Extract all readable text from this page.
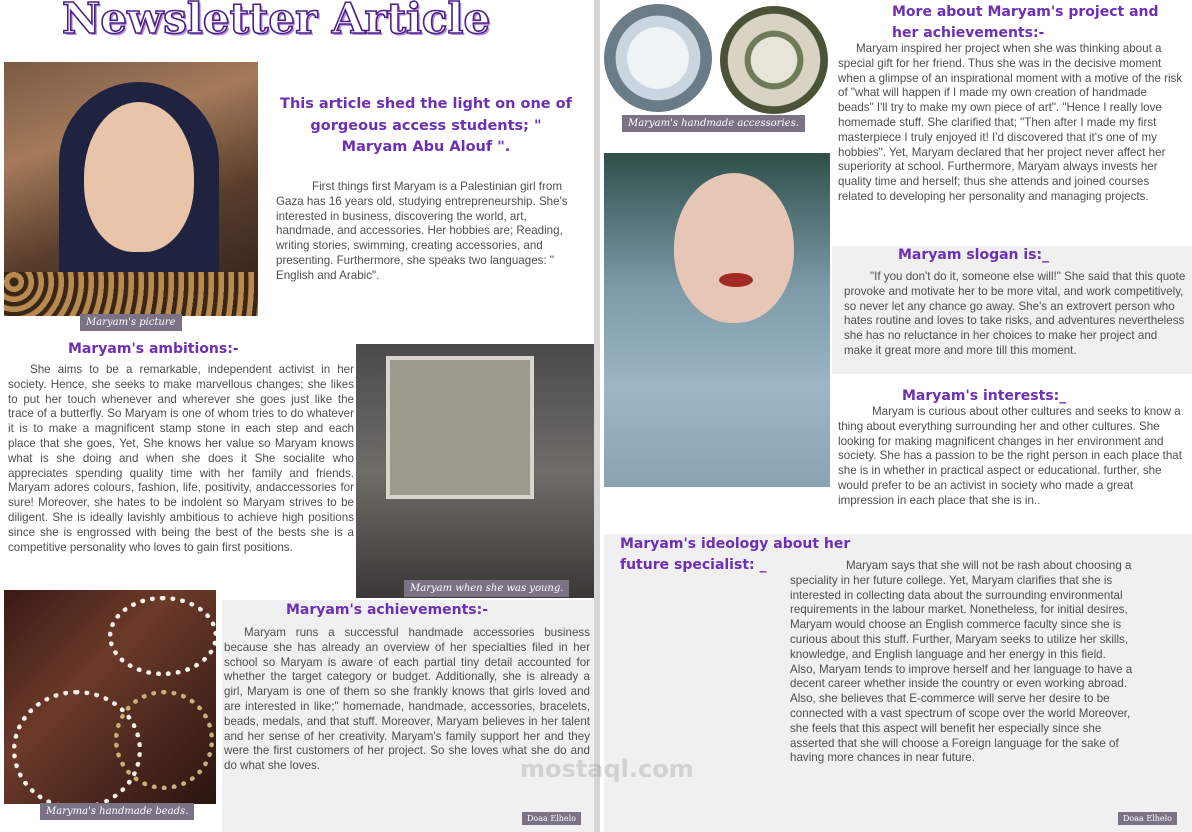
Newsletter Article
Maryam's picture
This article shed the light on one of gorgeous access students; " Maryam Abu Alouf ".
First things first Maryam is a Palestinian girl from Gaza has 16 years old, studying entrepreneurship. She's interested in business, discovering the world, art, handmade, and accessories. Her hobbies are; Reading, writing stories, swimming, creating accessories, and presenting. Furthermore, she speaks two languages: " English and Arabic".
Maryam's ambitions:-
She aims to be a remarkable, independent activist in her society. Hence, she seeks to make marvellous changes; she likes to put her touch whenever and wherever she goes just like the trace of a butterfly. So Maryam is one of whom tries to do whatever it is to make a magnificent stamp stone in each step and each place that she goes, Yet, She knows her value so Maryam knows what is she doing and when she does it She socialite who appreciates spending quality time with her family and friends. Maryam adores colours, fashion, life, positivity, andaccessories for sure! Moreover, she hates to be indolent so Maryam strives to be diligent. She is ideally lavishly ambitious to achieve high positions since she is engrossed with being the best of the bests she is a competitive personality who loves to gain first positions.
Maryam when she was young.
Maryma's handmade beads.
Maryam's achievements:-
Maryam runs a successful handmade accessories business because she has already an overview of her specialties filed in her school so Maryam is aware of each partial tiny detail accounted for whether the target category or budget. Additionally, she is already a girl, Maryam is one of them so she frankly knows that girls loved and are interested in like;" homemade, handmade, accessories, bracelets, beads, medals, and that stuff. Moreover, Maryam believes in her talent and her sense of her creativity. Maryam's family support her and they were the first customers of her project. So she loves what she do and do what she loves.
Doaa Elhelo
Maryam's handmade accessories.
More about Maryam's project and her achievements:-
Maryam inspired her project when she was thinking about a special gift for her friend. Thus she was in the decisive moment when a glimpse of an inspirational moment with a motive of the risk of "what will happen if I made my own creation of handmade beads" I'll try to make my own piece of art". "Hence I really love homemade stuff. She clarified that; "Then after I made my first masterpiece I truly enjoyed it! I'd discovered that it's one of my hobbies". Yet, Maryam declared that her project never affect her superiority at school. Furthermore, Maryam always invests her quality time and herself; thus she attends and joined courses related to developing her personality and managing projects.
Maryam slogan is:_
"If you don't do it, someone else will!" She said that this quote provoke and motivate her to be more vital, and work competitively, so never let any chance go away. She's an extrovert person who hates routine and loves to take risks, and adventures nevertheless she has no reluctance in her choices to make her project and make it great more and more till this moment.
Maryam's interests:_
Maryam is curious about other cultures and seeks to know a thing about everything surrounding her and other cultures. She looking for making magnificent changes in her environment and society. She has a passion to be the right person in each place that she is in whether in practical aspect or educational. further, she would prefer to be an activist in society who made a great impression in each place that she is in..
Maryam's ideology about her future specialist: _	Maryam says that she will not be rash about choosing a speciality in her future college. Yet, Maryam clarifies that she is interested in collecting data about the surrounding environmental requirements in the labour market. Nonetheless, for initial desires, Maryam would choose an English commerce faculty since she is curious about this stuff. Further, Maryam seeks to utilize her skills, knowledge, and English language and her energy in this field. Also, Maryam tends to improve herself and her language to have a decent career whether inside the country or even working abroad. Also, she believes that E-commerce will serve her desire to be connected with a vast spectrum of scope over the world Moreover, she feels that this aspect will benefit her especially since she asserted that she will choose a Foreign language for the sake of having more chances in near future.
Doaa Elhelo
mostaql.com
